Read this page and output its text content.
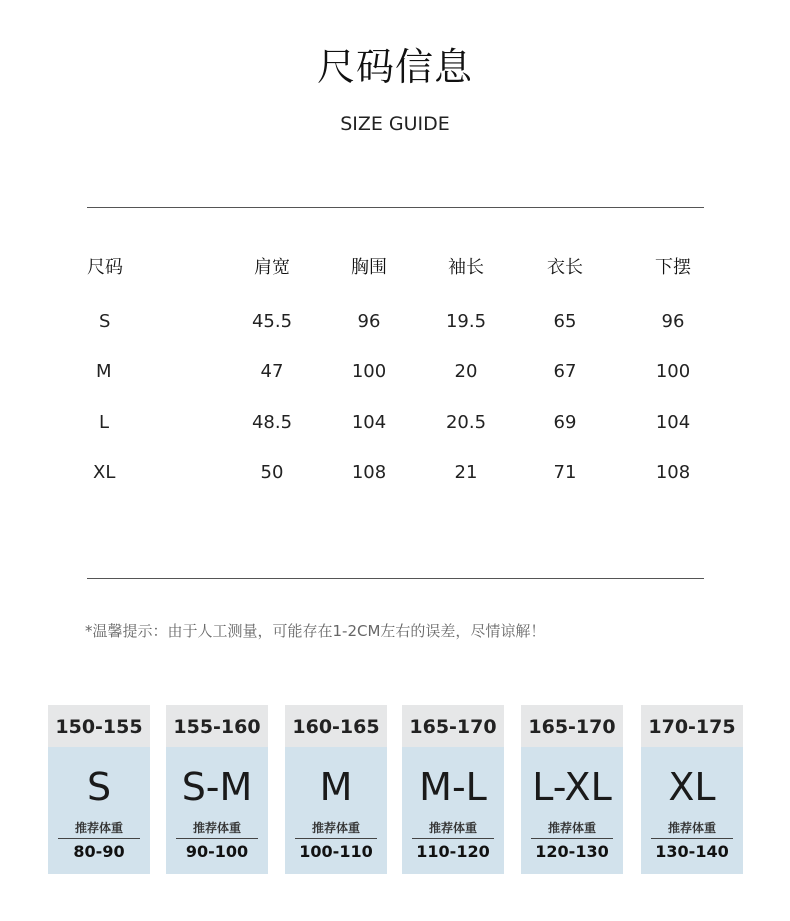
尺码信息
SIZE GUIDE
尺码	肩宽	胸围	袖长	衣长	下摆
S	45.5	96	19.5	65	96
M	47	100	20	67	100
L	48.5	104	20.5	69	104
XL	50	108	21	71	108
*温馨提示：由于人工测量，可能存在1-2CM左右的误差，尽情谅解！
150-155
S
推荐体重
80-90
155-160
S-M
推荐体重
90-100
160-165
M
推荐体重
100-110
165-170
M-L
推荐体重
110-120
165-170
L-XL
推荐体重
120-130
170-175
XL
推荐体重
130-140
